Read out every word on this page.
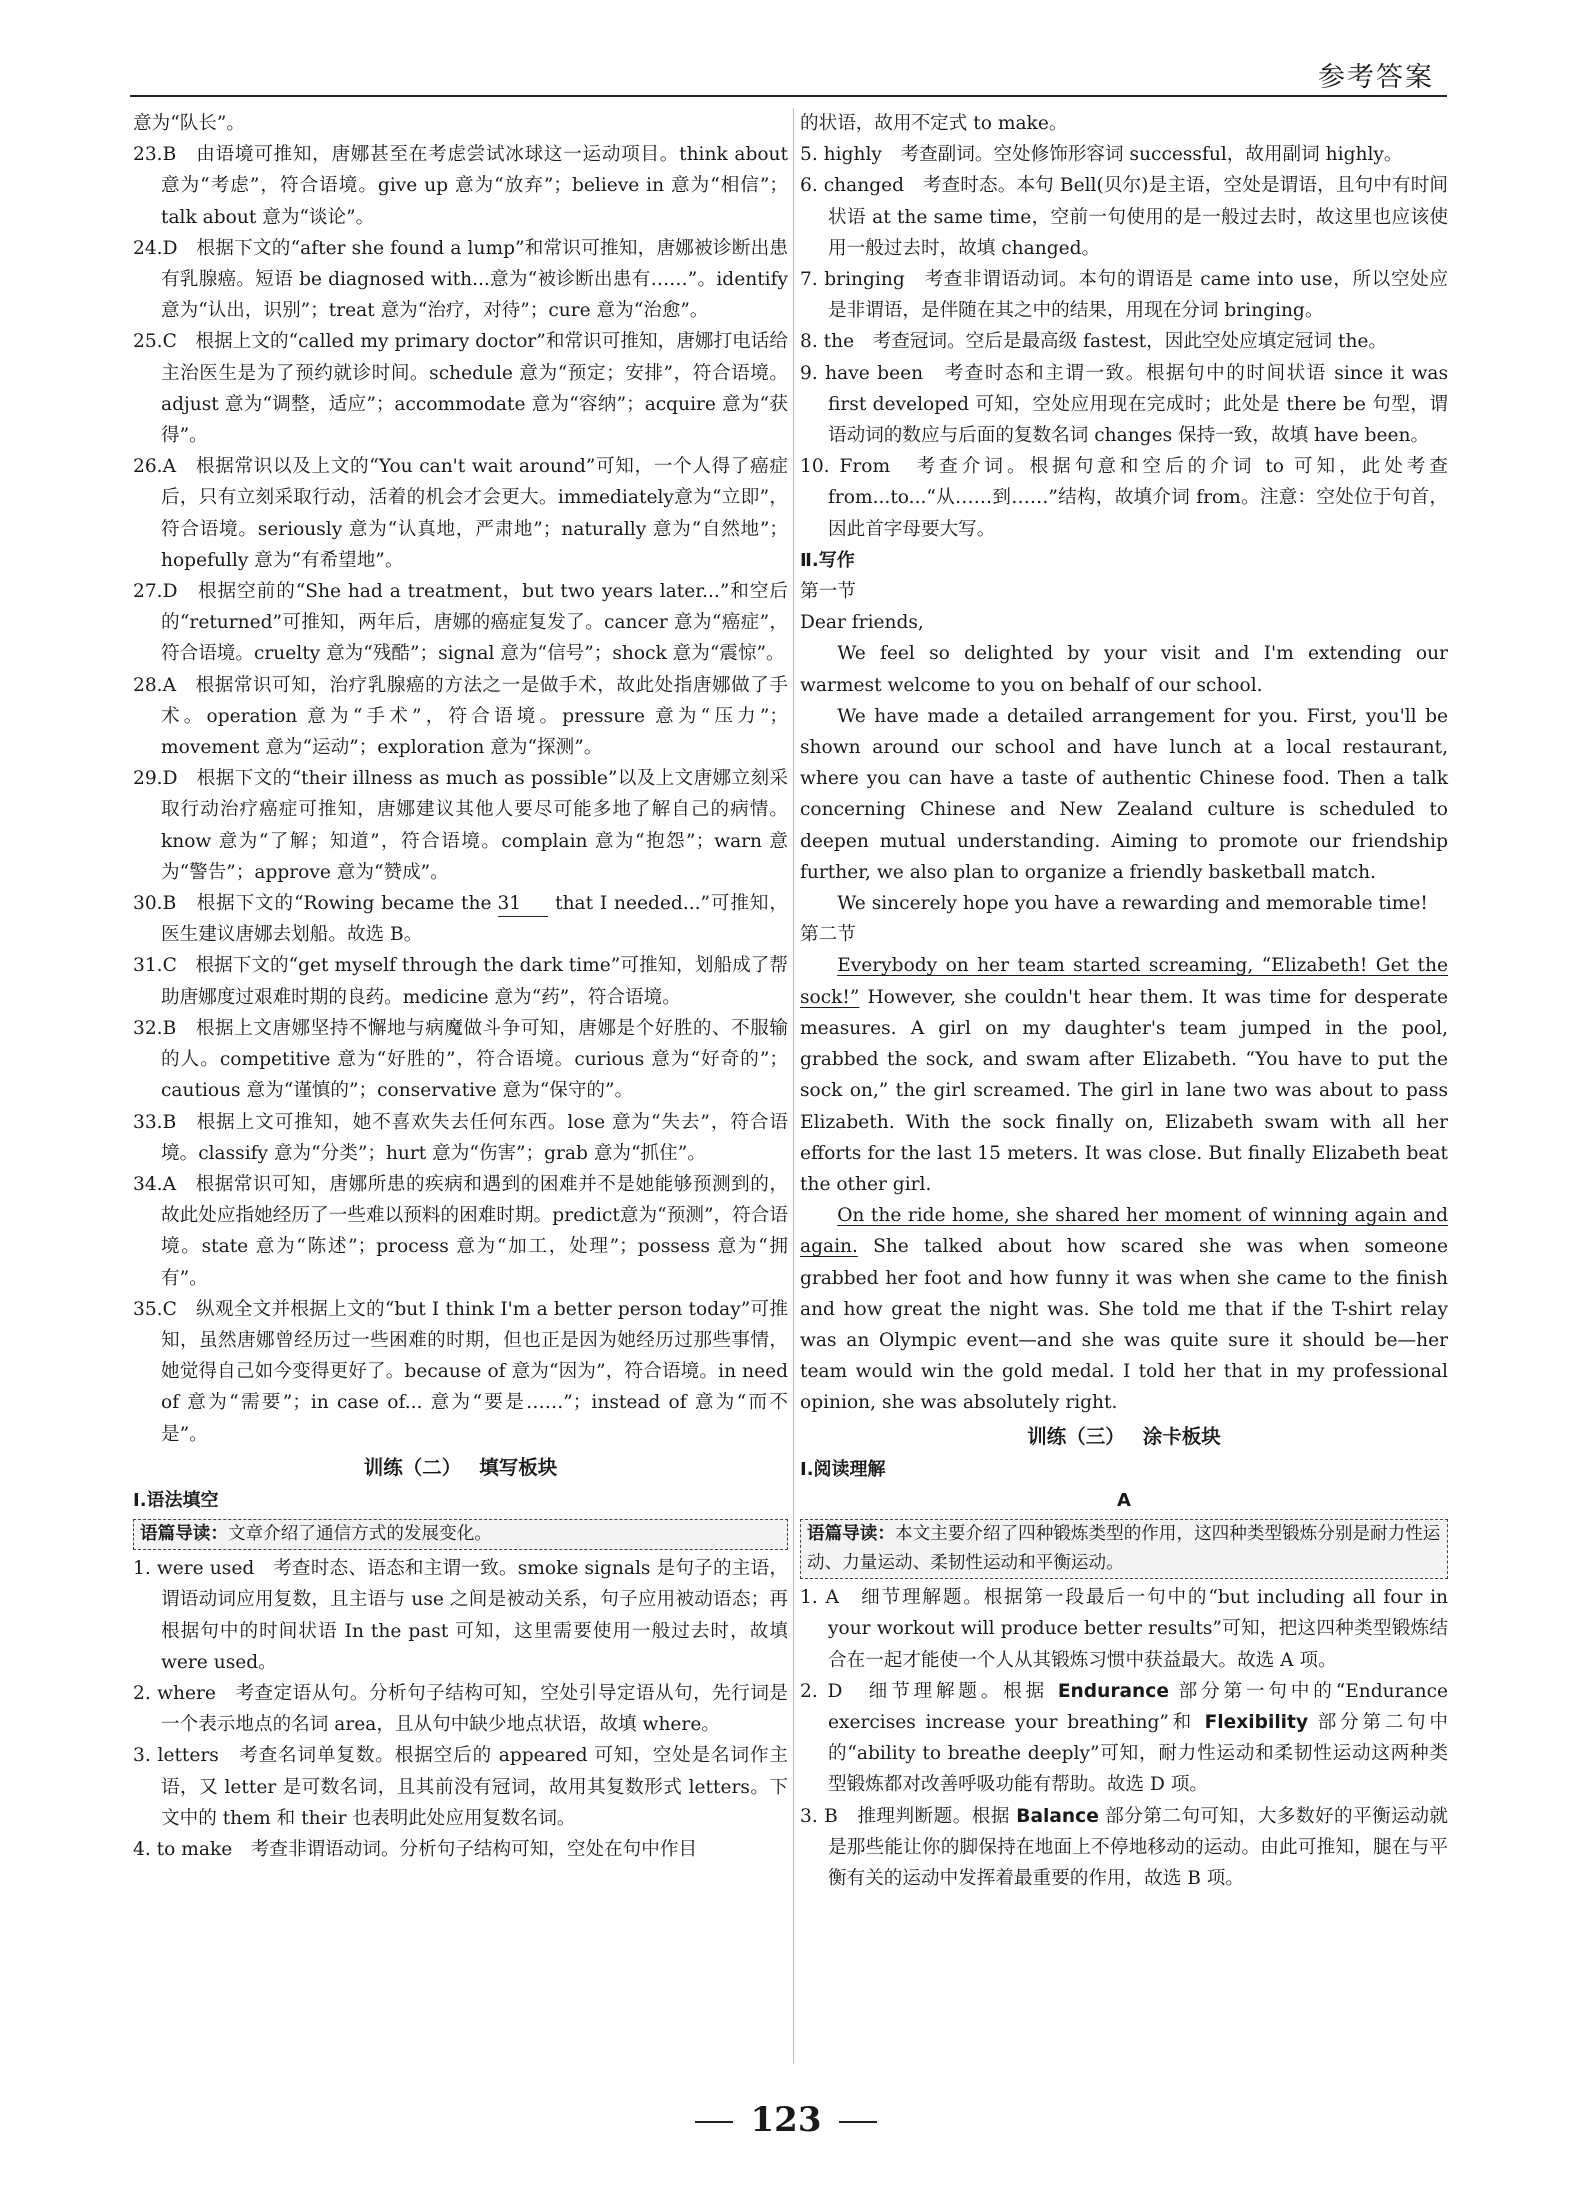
参考答案

意为“队长”。

23.B　由语境可推知，唐娜甚至在考虑尝试冰球这一运动项目。think about 意为“考虑”，符合语境。give up 意为“放弃”；believe in 意为“相信”；talk about 意为“谈论”。

24.D　根据下文的“after she found a lump”和常识可推知，唐娜被诊断出患有乳腺癌。短语 be diagnosed with...意为“被诊断出患有……”。identify 意为“认出，识别”；treat 意为“治疗，对待”；cure 意为“治愈”。

25.C　根据上文的“called my primary doctor”和常识可推知，唐娜打电话给主治医生是为了预约就诊时间。schedule 意为“预定；安排”，符合语境。adjust 意为“调整，适应”；accommodate 意为“容纳”；acquire 意为“获得”。

26.A　根据常识以及上文的“You can't wait around”可知，一个人得了癌症后，只有立刻采取行动，活着的机会才会更大。immediately意为“立即”，符合语境。seriously 意为“认真地，严肃地”；naturally 意为“自然地”；hopefully 意为“有希望地”。

27.D　根据空前的“She had a treatment，but two years later...”和空后的“returned”可推知，两年后，唐娜的癌症复发了。cancer 意为“癌症”，符合语境。cruelty 意为“残酷”；signal 意为“信号”；shock 意为“震惊”。

28.A　根据常识可知，治疗乳腺癌的方法之一是做手术，故此处指唐娜做了手术。operation 意为“手术”，符合语境。pressure 意为“压力”；movement 意为“运动”；exploration 意为“探测”。

29.D　根据下文的“their illness as much as possible”以及上文唐娜立刻采取行动治疗癌症可推知，唐娜建议其他人要尽可能多地了解自己的病情。know 意为“了解；知道”，符合语境。complain 意为“抱怨”；warn 意为“警告”；approve 意为“赞成”。

30.B　根据下文的“Rowing became the 31 that I needed...”可推知，医生建议唐娜去划船。故选 B。

31.C　根据下文的“get myself through the dark time”可推知，划船成了帮助唐娜度过艰难时期的良药。medicine 意为“药”，符合语境。

32.B　根据上文唐娜坚持不懈地与病魔做斗争可知，唐娜是个好胜的、不服输的人。competitive 意为“好胜的”，符合语境。curious 意为“好奇的”；cautious 意为“谨慎的”；conservative 意为“保守的”。

33.B　根据上文可推知，她不喜欢失去任何东西。lose 意为“失去”，符合语境。classify 意为“分类”；hurt 意为“伤害”；grab 意为“抓住”。

34.A　根据常识可知，唐娜所患的疾病和遇到的困难并不是她能够预测到的，故此处应指她经历了一些难以预料的困难时期。predict意为“预测”，符合语境。state 意为“陈述”；process 意为“加工，处理”；possess 意为“拥有”。

35.C　纵观全文并根据上文的“but I think I'm a better person today”可推知，虽然唐娜曾经历过一些困难的时期，但也正是因为她经历过那些事情，她觉得自己如今变得更好了。because of 意为“因为”，符合语境。in need of 意为“需要”；in case of... 意为“要是……”；instead of 意为“而不是”。

训练（二） 填写板块
Ⅰ.语法填空
语篇导读：文章介绍了通信方式的发展变化。

1. were used　考查时态、语态和主谓一致。smoke signals 是句子的主语，谓语动词应用复数，且主语与 use 之间是被动关系，句子应用被动语态；再根据句中的时间状语 In the past 可知，这里需要使用一般过去时，故填 were used。

2. where　考查定语从句。分析句子结构可知，空处引导定语从句，先行词是一个表示地点的名词 area，且从句中缺少地点状语，故填 where。

3. letters　考查名词单复数。根据空后的 appeared 可知，空处是名词作主语，又 letter 是可数名词，且其前没有冠词，故用其复数形式 letters。下文中的 them 和 their 也表明此处应用复数名词。

4. to make　考查非谓语动词。分析句子结构可知，空处在句中作目

的状语，故用不定式 to make。

5. highly　考查副词。空处修饰形容词 successful，故用副词 highly。

6. changed　考查时态。本句 Bell(贝尔)是主语，空处是谓语，且句中有时间状语 at the same time，空前一句使用的是一般过去时，故这里也应该使用一般过去时，故填 changed。

7. bringing　考查非谓语动词。本句的谓语是 came into use，所以空处应是非谓语，是伴随在其之中的结果，用现在分词 bringing。

8. the　考查冠词。空后是最高级 fastest，因此空处应填定冠词 the。

9. have been　考查时态和主谓一致。根据句中的时间状语 since it was first developed 可知，空处应用现在完成时；此处是 there be 句型，谓语动词的数应与后面的复数名词 changes 保持一致，故填 have been。

10. From　考查介词。根据句意和空后的介词 to 可知，此处考查 from...to...“从……到……”结构，故填介词 from。注意：空处位于句首，因此首字母要大写。

Ⅱ.写作
第一节
Dear friends,

We feel so delighted by your visit and I'm extending our warmest welcome to you on behalf of our school.

We have made a detailed arrangement for you. First, you'll be shown around our school and have lunch at a local restaurant, where you can have a taste of authentic Chinese food. Then a talk concerning Chinese and New Zealand culture is scheduled to deepen mutual understanding. Aiming to promote our friendship further, we also plan to organize a friendly basketball match.

We sincerely hope you have a rewarding and memorable time!

第二节

Everybody on her team started screaming, “Elizabeth! Get the sock!” However, she couldn't hear them. It was time for desperate measures. A girl on my daughter's team jumped in the pool, grabbed the sock, and swam after Elizabeth. “You have to put the sock on,” the girl screamed. The girl in lane two was about to pass Elizabeth. With the sock finally on, Elizabeth swam with all her efforts for the last 15 meters. It was close. But finally Elizabeth beat the other girl.

On the ride home, she shared her moment of winning again and again. She talked about how scared she was when someone grabbed her foot and how funny it was when she came to the finish and how great the night was. She told me that if the T-shirt relay was an Olympic event—and she was quite sure it should be—her team would win the gold medal. I told her that in my professional opinion, she was absolutely right.

训练（三） 涂卡板块
Ⅰ.阅读理解
A
语篇导读：本文主要介绍了四种锻炼类型的作用，这四种类型锻炼分别是耐力性运动、力量运动、柔韧性运动和平衡运动。

1. A　细节理解题。根据第一段最后一句中的“but including all four in your workout will produce better results”可知，把这四种类型锻炼结合在一起才能使一个人从其锻炼习惯中获益最大。故选 A 项。

2. D　细节理解题。根据 Endurance 部分第一句中的“Endurance exercises increase your breathing”和 Flexibility 部分第二句中的“ability to breathe deeply”可知，耐力性运动和柔韧性运动这两种类型锻炼都对改善呼吸功能有帮助。故选 D 项。

3. B　推理判断题。根据 Balance 部分第二句可知，大多数好的平衡运动就是那些能让你的脚保持在地面上不停地移动的运动。由此可推知，腿在与平衡有关的运动中发挥着最重要的作用，故选 B 项。

123
